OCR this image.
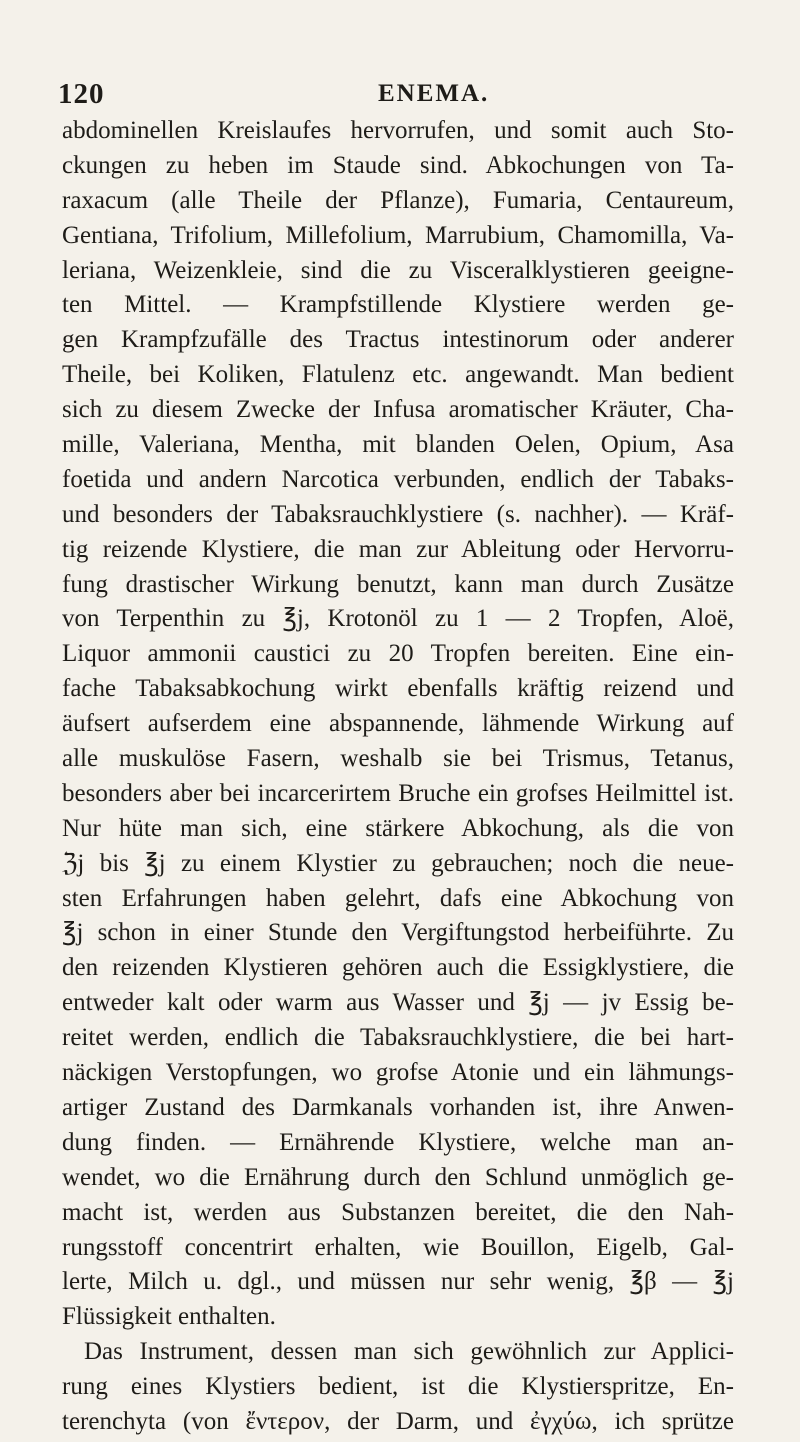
120	ENEMA.
abdominellen Kreislaufes hervorrufen, und somit auch Sto-
ckungen zu heben im Staude sind. Abkochungen von Ta-
raxacum (alle Theile der Pflanze), Fumaria, Centaureum,
Gentiana, Trifolium, Millefolium, Marrubium, Chamomilla, Va-
leriana, Weizenkleie, sind die zu Visceralklystieren geeigne-
ten Mittel. — Krampfstillende Klystiere werden ge-
gen Krampfzufälle des Tractus intestinorum oder anderer
Theile, bei Koliken, Flatulenz etc. angewandt. Man bedient
sich zu diesem Zwecke der Infusa aromatischer Kräuter, Cha-
mille, Valeriana, Mentha, mit blanden Oelen, Opium, Asa
foetida und andern Narcotica verbunden, endlich der Tabaks-
und besonders der Tabaksrauchklystiere (s. nachher). — Kräf-
tig reizende Klystiere, die man zur Ableitung oder Hervorru-
fung drastischer Wirkung benutzt, kann man durch Zusätze
von Terpenthin zu ℥j, Krotonöl zu 1 — 2 Tropfen, Aloë,
Liquor ammonii caustici zu 20 Tropfen bereiten. Eine ein-
fache Tabaksabkochung wirkt ebenfalls kräftig reizend und
äufsert aufserdem eine abspannende, lähmende Wirkung auf
alle muskulöse Fasern, weshalb sie bei Trismus, Tetanus,
besonders aber bei incarcerirtem Bruche ein grofses Heilmittel ist.
Nur hüte man sich, eine stärkere Abkochung, als die von
ℨj bis ℥j zu einem Klystier zu gebrauchen; noch die neue-
sten Erfahrungen haben gelehrt, dafs eine Abkochung von
℥j schon in einer Stunde den Vergiftungstod herbeiführte. Zu
den reizenden Klystieren gehören auch die Essigklystiere, die
entweder kalt oder warm aus Wasser und ℥j — jv Essig be-
reitet werden, endlich die Tabaksrauchklystiere, die bei hart-
näckigen Verstopfungen, wo grofse Atonie und ein lähmungs-
artiger Zustand des Darmkanals vorhanden ist, ihre Anwen-
dung finden. — Ernährende Klystiere, welche man an-
wendet, wo die Ernährung durch den Schlund unmöglich ge-
macht ist, werden aus Substanzen bereitet, die den Nah-
rungsstoff concentrirt erhalten, wie Bouillon, Eigelb, Gal-
lerte, Milch u. dgl., und müssen nur sehr wenig, ℥β — ℥j
Flüssigkeit enthalten.
Das Instrument, dessen man sich gewöhnlich zur Applici-
rung eines Klystiers bedient, ist die Klystierspritze, En-
terenchyta (von ἔντερον, der Darm, und ἐγχύω, ich sprütze
